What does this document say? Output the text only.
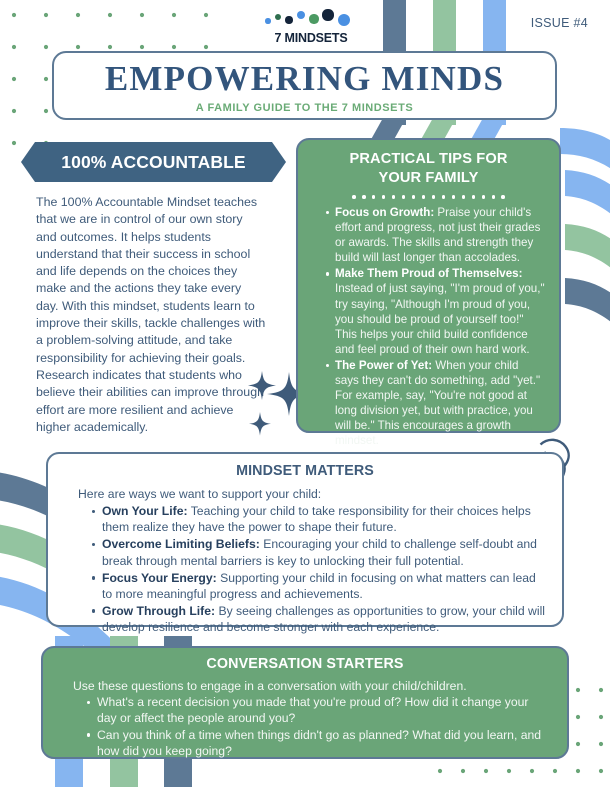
7 MINDSETS
ISSUE #4
EMPOWERING MINDS
A FAMILY GUIDE TO THE 7 MINDSETS
100% ACCOUNTABLE
The 100% Accountable Mindset teaches that we are in control of our own story and outcomes. It helps students understand that their success in school and life depends on the choices they make and the actions they take every day. With this mindset, students learn to improve their skills, tackle challenges with a problem-solving attitude, and take responsibility for achieving their goals. Research indicates that students who believe their abilities can improve through effort are more resilient and achieve higher academically.
PRACTICAL TIPS FOR
YOUR FAMILY
Focus on Growth: Praise your child's effort and progress, not just their grades or awards. The skills and strength they build will last longer than accolades.
Make Them Proud of Themselves: Instead of just saying, "I'm proud of you," try saying, "Although I'm proud of you, you should be proud of yourself too!" This helps your child build confidence and feel proud of their own hard work.
The Power of Yet: When your child says they can't do something, add "yet." For example, say, "You're not good at long division yet, but with practice, you will be." This encourages a growth mindset.
MINDSET MATTERS
Here are ways we want to support your child:
Own Your Life: Teaching your child to take responsibility for their choices helps them realize they have the power to shape their future.
Overcome Limiting Beliefs: Encouraging your child to challenge self-doubt and break through mental barriers is key to unlocking their full potential.
Focus Your Energy: Supporting your child in focusing on what matters can lead to more meaningful progress and achievements.
Grow Through Life: By seeing challenges as opportunities to grow, your child will develop resilience and become stronger with each experience.
CONVERSATION STARTERS
Use these questions to engage in a conversation with your child/children.
What's a recent decision you made that you're proud of? How did it change your day or affect the people around you?
Can you think of a time when things didn't go as planned? What did you learn, and how did you keep going?
